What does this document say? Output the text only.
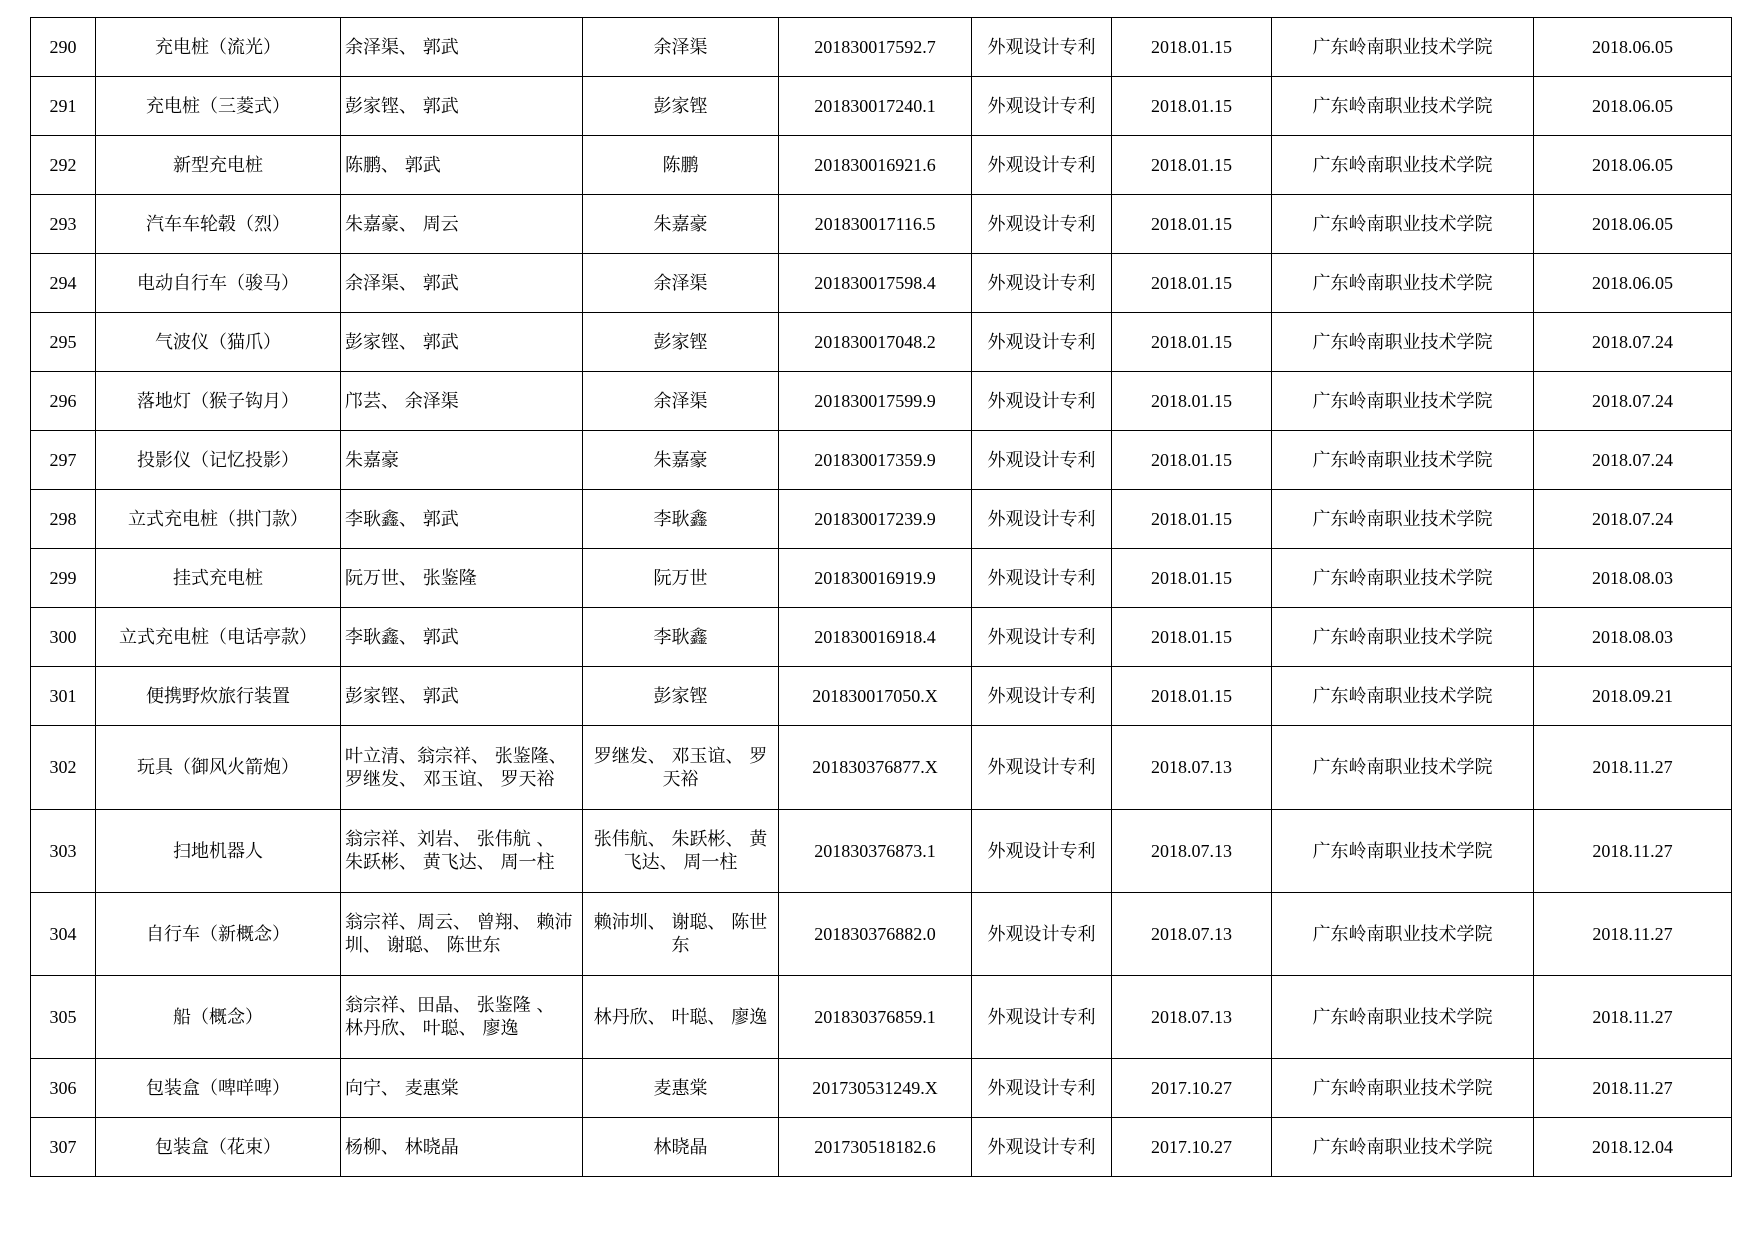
290	充电桩（流光）	余泽渠、 郭武	余泽渠	201830017592.7	外观设计专利	2018.01.15	广东岭南职业技术学院	2018.06.05
291	充电桩（三菱式）	彭家铿、 郭武	彭家铿	201830017240.1	外观设计专利	2018.01.15	广东岭南职业技术学院	2018.06.05
292	新型充电桩	陈鹏、 郭武	陈鹏	201830016921.6	外观设计专利	2018.01.15	广东岭南职业技术学院	2018.06.05
293	汽车车轮毂（烈）	朱嘉豪、 周云	朱嘉豪	201830017116.5	外观设计专利	2018.01.15	广东岭南职业技术学院	2018.06.05
294	电动自行车（骏马）	余泽渠、 郭武	余泽渠	201830017598.4	外观设计专利	2018.01.15	广东岭南职业技术学院	2018.06.05
295	气波仪（猫爪）	彭家铿、 郭武	彭家铿	201830017048.2	外观设计专利	2018.01.15	广东岭南职业技术学院	2018.07.24
296	落地灯（猴子钩月）	邝芸、 余泽渠	余泽渠	201830017599.9	外观设计专利	2018.01.15	广东岭南职业技术学院	2018.07.24
297	投影仪（记忆投影）	朱嘉豪	朱嘉豪	201830017359.9	外观设计专利	2018.01.15	广东岭南职业技术学院	2018.07.24
298	立式充电桩（拱门款）	李耿鑫、 郭武	李耿鑫	201830017239.9	外观设计专利	2018.01.15	广东岭南职业技术学院	2018.07.24
299	挂式充电桩	阮万世、 张鉴隆	阮万世	201830016919.9	外观设计专利	2018.01.15	广东岭南职业技术学院	2018.08.03
300	立式充电桩（电话亭款）	李耿鑫、 郭武	李耿鑫	201830016918.4	外观设计专利	2018.01.15	广东岭南职业技术学院	2018.08.03
301	便携野炊旅行装置	彭家铿、 郭武	彭家铿	201830017050.X	外观设计专利	2018.01.15	广东岭南职业技术学院	2018.09.21
302	玩具（御风火箭炮）	叶立清、翁宗祥、 张鉴隆、 罗继发、 邓玉谊、 罗天裕	罗继发、 邓玉谊、 罗天裕	201830376877.X	外观设计专利	2018.07.13	广东岭南职业技术学院	2018.11.27
303	扫地机器人	翁宗祥、刘岩、 张伟航 、 朱跃彬、 黄飞达、 周一柱	张伟航、 朱跃彬、 黄飞达、 周一柱	201830376873.1	外观设计专利	2018.07.13	广东岭南职业技术学院	2018.11.27
304	自行车（新概念）	翁宗祥、周云、 曾翔、 赖沛圳、 谢聪、 陈世东	赖沛圳、 谢聪、 陈世东	201830376882.0	外观设计专利	2018.07.13	广东岭南职业技术学院	2018.11.27
305	船（概念）	翁宗祥、田晶、 张鉴隆 、 林丹欣、 叶聪、 廖逸	林丹欣、 叶聪、 廖逸	201830376859.1	外观设计专利	2018.07.13	广东岭南职业技术学院	2018.11.27
306	包装盒（啤咩啤）	向宁、 麦惠棠	麦惠棠	201730531249.X	外观设计专利	2017.10.27	广东岭南职业技术学院	2018.11.27
307	包装盒（花束）	杨柳、 林晓晶	林晓晶	201730518182.6	外观设计专利	2017.10.27	广东岭南职业技术学院	2018.12.04
